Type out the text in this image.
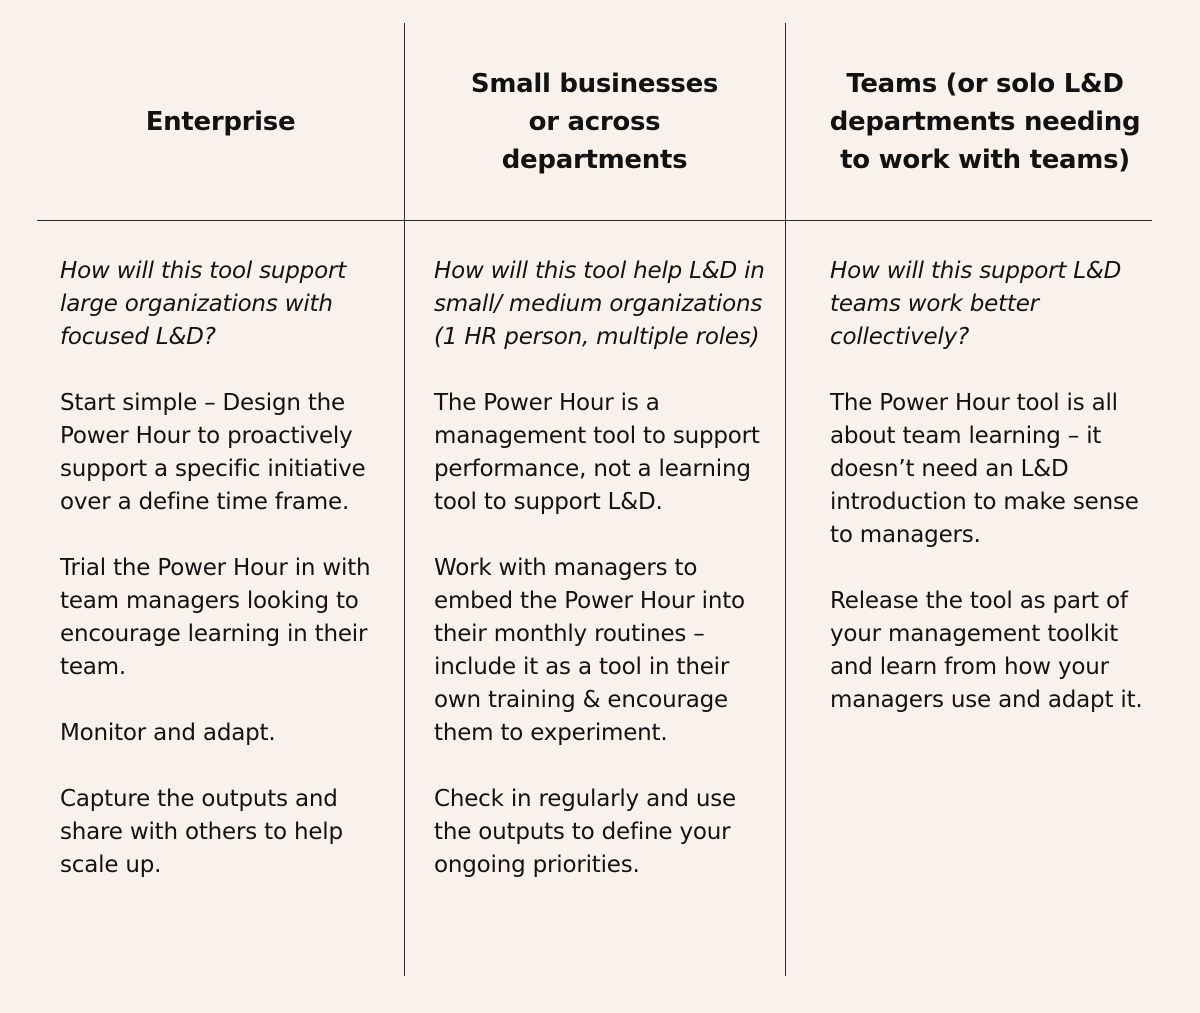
Enterprise
Small businesses or across departments
Teams (or solo L&D departments needing to work with teams)

How will this tool support large organizations with focused L&D?

Start simple – Design the Power Hour to proactively support a specific initiative over a define time frame.

Trial the Power Hour in with team managers looking to encourage learning in their team.

Monitor and adapt.

Capture the outputs and share with others to help scale up.

How will this tool help L&D in small/ medium organizations (1 HR person, multiple roles)

The Power Hour is a management tool to support performance, not a learning tool to support L&D.

Work with managers to embed the Power Hour into their monthly routines – include it as a tool in their own training & encourage them to experiment.

Check in regularly and use the outputs to define your ongoing priorities.

How will this support L&D teams work better collectively?

The Power Hour tool is all about team learning – it doesn’t need an L&D introduction to make sense to managers.

Release the tool as part of your management toolkit and learn from how your managers use and adapt it.
